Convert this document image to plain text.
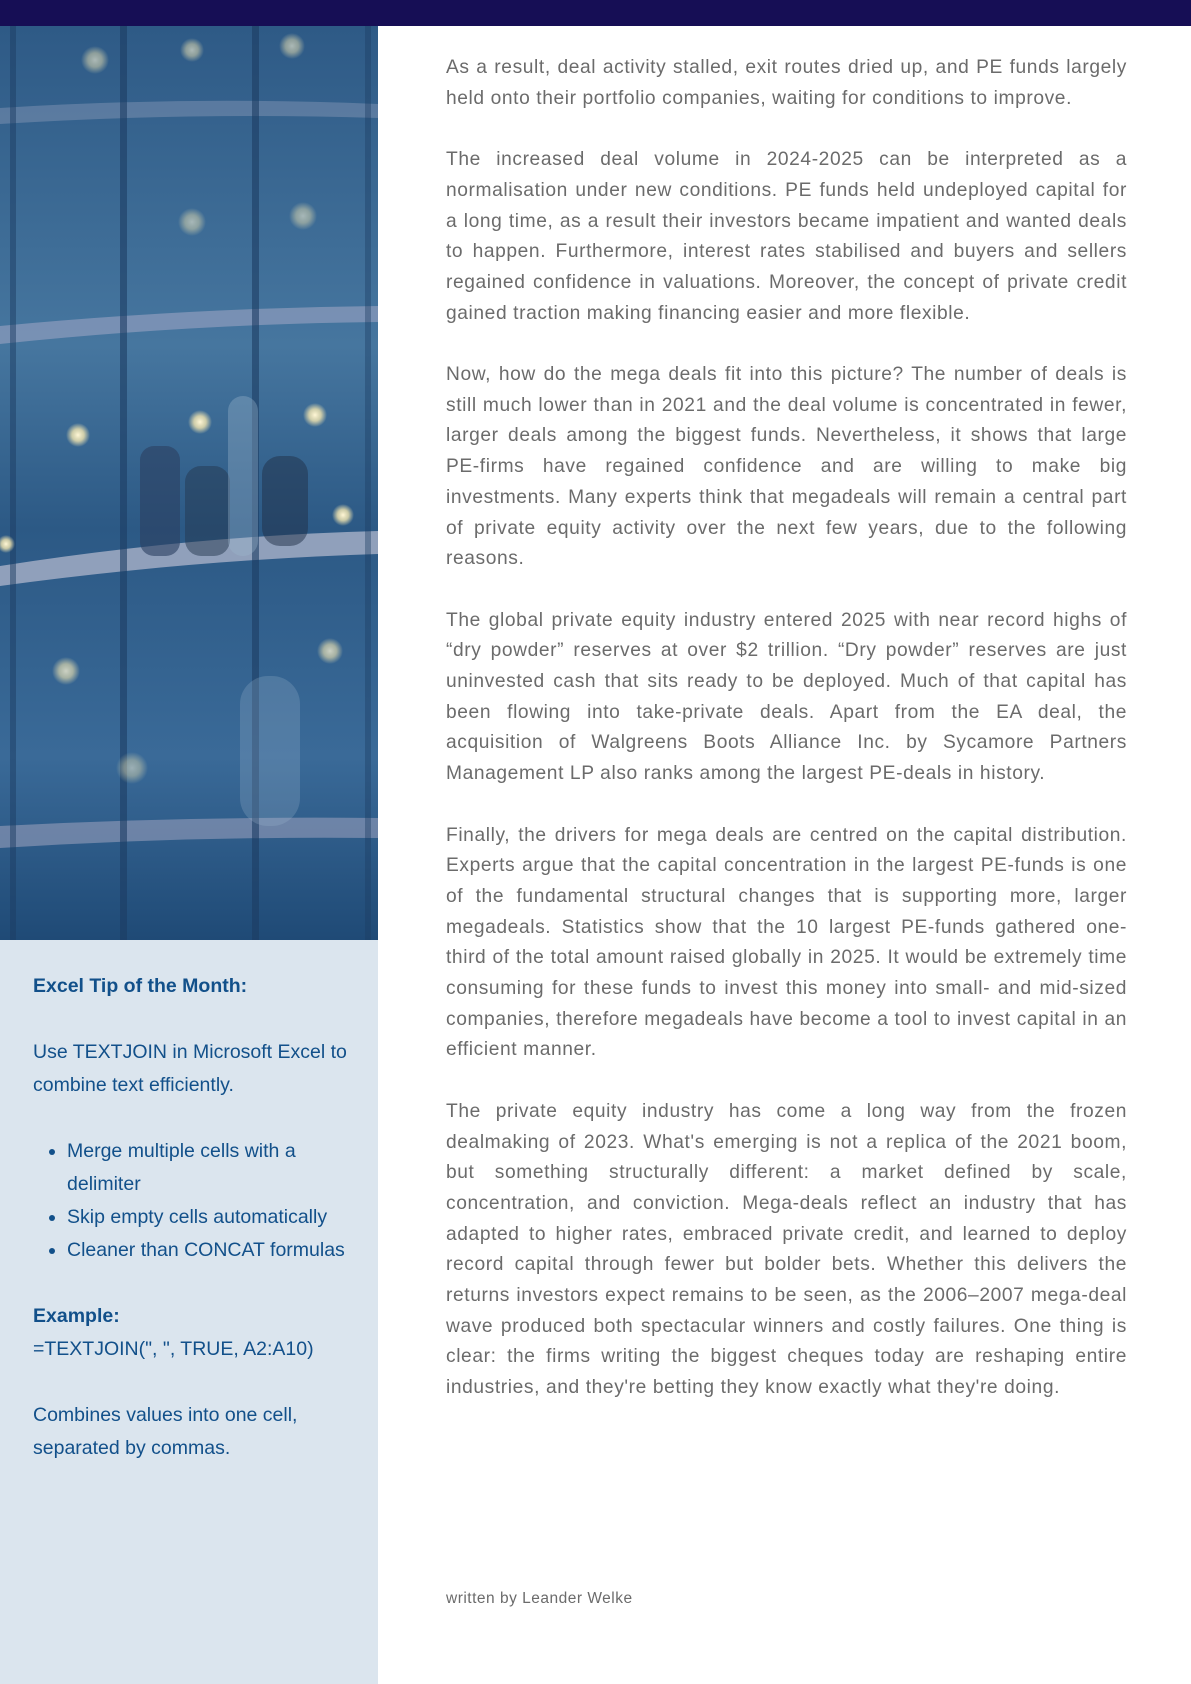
Excel Tip of the Month:

Use TEXTJOIN in Microsoft Excel to combine text efficiently.

• Merge multiple cells with a delimiter
• Skip empty cells automatically
• Cleaner than CONCAT formulas

Example:

=TEXTJOIN(", ", TRUE, A2:A10)

Combines values into one cell, separated by commas.

As a result, deal activity stalled, exit routes dried up, and PE funds largely held onto their portfolio companies, waiting for conditions to improve.

The increased deal volume in 2024-2025 can be interpreted as a normalisation under new conditions. PE funds held undeployed capital for a long time, as a result their investors became impatient and wanted deals to happen. Furthermore, interest rates stabilised and buyers and sellers regained confidence in valuations. Moreover, the concept of private credit gained traction making financing easier and more flexible.

Now, how do the mega deals fit into this picture? The number of deals is still much lower than in 2021 and the deal volume is concentrated in fewer, larger deals among the biggest funds. Nevertheless, it shows that large PE-firms have regained confidence and are willing to make big investments. Many experts think that megadeals will remain a central part of private equity activity over the next few years, due to the following reasons.

The global private equity industry entered 2025 with near record highs of “dry powder” reserves at over $2 trillion. “Dry powder” reserves are just uninvested cash that sits ready to be deployed. Much of that capital has been flowing into take-private deals. Apart from the EA deal, the acquisition of Walgreens Boots Alliance Inc. by Sycamore Partners Management LP also ranks among the largest PE-deals in history.

Finally, the drivers for mega deals are centred on the capital distribution. Experts argue that the capital concentration in the largest PE-funds is one of the fundamental structural changes that is supporting more, larger megadeals. Statistics show that the 10 largest PE-funds gathered one-third of the total amount raised globally in 2025. It would be extremely time consuming for these funds to invest this money into small- and mid-sized companies, therefore megadeals have become a tool to invest capital in an efficient manner.

The private equity industry has come a long way from the frozen dealmaking of 2023. What's emerging is not a replica of the 2021 boom, but something structurally different: a market defined by scale, concentration, and conviction. Mega-deals reflect an industry that has adapted to higher rates, embraced private credit, and learned to deploy record capital through fewer but bolder bets. Whether this delivers the returns investors expect remains to be seen, as the 2006–2007 mega-deal wave produced both spectacular winners and costly failures. One thing is clear: the firms writing the biggest cheques today are reshaping entire industries, and they're betting they know exactly what they're doing.

written by Leander Welke
